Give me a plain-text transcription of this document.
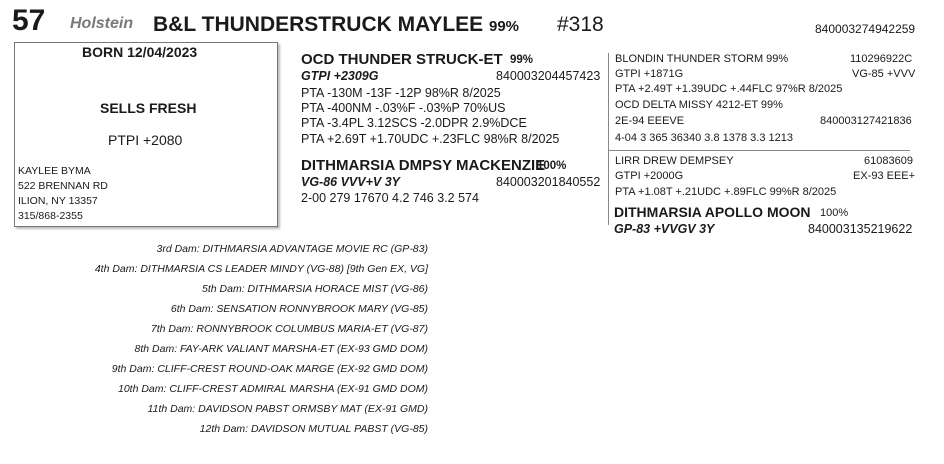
57 Holstein B&L THUNDERSTRUCK MAYLEE 99% #318	840003274942259
BORN 12/04/2023
SELLS FRESH
PTPI +2080
KAYLEE BYMA
522 BRENNAN RD
ILION, NY 13357
315/868-2355
OCD THUNDER STRUCK-ET 99%
GTPI +2309G	840003204457423
PTA -130M -13F -12P 98%R 8/2025
PTA -400NM -.03%F -.03%P 70%US
PTA -3.4PL 3.12SCS -2.0DPR 2.9%DCE
PTA +2.69T +1.70UDC +.23FLC 98%R 8/2025
DITHMARSIA DMPSY MACKENZIE
100%
VG-86 VVV+V 3Y	840003201840552
2-00 279 17670 4.2 746 3.2 574
BLONDIN THUNDER STORM 99%	110296922C
GTPI +1871G	VG-85 +VVV
PTA +2.49T +1.39UDC +.44FLC 97%R 8/2025
OCD DELTA MISSY 4212-ET 99%
2E-94 EEEVE	840003127421836
4-04 3 365 36340 3.8 1378 3.3 1213
LIRR DREW DEMPSEY	61083609
GTPI +2000G	EX-93 EEE+
PTA +1.08T +.21UDC +.89FLC 99%R 8/2025
DITHMARSIA APOLLO MOON 100%
GP-83 +VVGV 3Y	840003135219622
3rd Dam: DITHMARSIA ADVANTAGE MOVIE RC (GP-83)
4th Dam: DITHMARSIA CS LEADER MINDY (VG-88) [9th Gen EX, VG]
5th Dam: DITHMARSIA HORACE MIST (VG-86)
6th Dam: SENSATION RONNYBROOK MARY (VG-85)
7th Dam: RONNYBROOK COLUMBUS MARIA-ET (VG-87)
8th Dam: FAY-ARK VALIANT MARSHA-ET (EX-93 GMD DOM)
9th Dam: CLIFF-CREST ROUND-OAK MARGE (EX-92 GMD DOM)
10th Dam: CLIFF-CREST ADMIRAL MARSHA (EX-91 GMD DOM)
11th Dam: DAVIDSON PABST ORMSBY MAT (EX-91 GMD)
12th Dam: DAVIDSON MUTUAL PABST (VG-85)
